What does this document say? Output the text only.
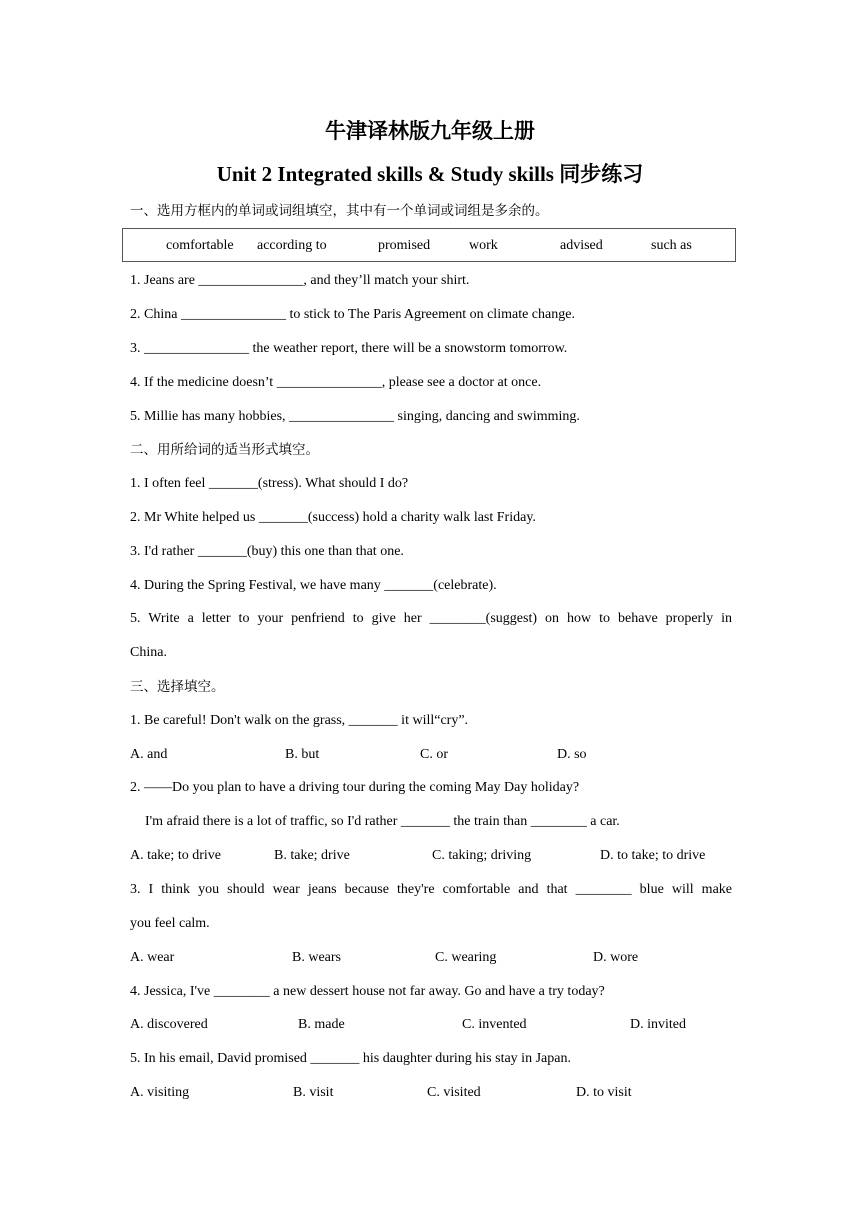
牛津译林版九年级上册
Unit 2 Integrated skills & Study skills 同步练习
一、选用方框内的单词或词组填空，其中有一个单词或词组是多余的。
comfortable according to	promised	work	advised	such as
1. Jeans are _______________, and they’ll match your shirt.
2. China _______________ to stick to The Paris Agreement on climate change.
3. _______________ the weather report, there will be a snowstorm tomorrow.
4. If the medicine doesn’t _______________, please see a doctor at once.
5. Millie has many hobbies, _______________ singing, dancing and swimming.
二、用所给词的适当形式填空。
1. I often feel _______(stress). What should I do?
2. Mr White helped us _______(success) hold a charity walk last Friday.
3. I'd rather _______(buy) this one than that one.
4. During the Spring Festival, we have many _______(celebrate).
5. Write a letter to your penfriend to give her ________(suggest) on how to behave properly in
China.
三、选择填空。
1. Be careful! Don't walk on the grass, _______ it will“cry”.
A. and	B. but	C. or	D. so
2. ——Do you plan to have a driving tour during the coming May Day holiday?
I'm afraid there is a lot of traffic, so I'd rather _______ the train than ________ a car.
A. take; to drive	B. take; drive	C. taking; driving	D. to take; to drive
3. I think you should wear jeans because they're comfortable and that ________ blue will make
you feel calm.
A. wear	B. wears	C. wearing	D. wore
4. Jessica, I've ________ a new dessert house not far away. Go and have a try today?
A. discovered	B. made	C. invented	D. invited
5. In his email, David promised _______ his daughter during his stay in Japan.
A. visiting	B. visit	C. visited	D. to visit
